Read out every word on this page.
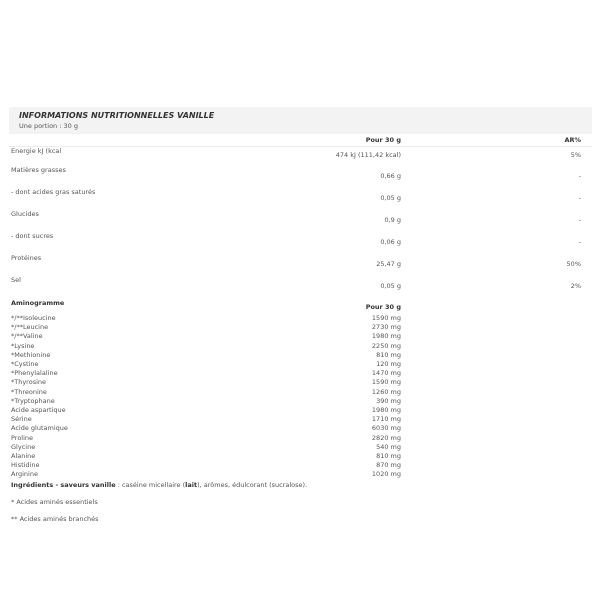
INFORMATIONS NUTRITIONNELLES VANILLE
Une portion : 30 g
	Pour 30 g	AR%
Energie kJ (kcal	474 kJ (111,42 kcal)	5%
Matières grasses	0,66 g	-
- dont acides gras saturés	0,05 g	-
Glucides	0,9 g	-
- dont sucres	0,06 g	-
Protéines	25,47 g	50%
Sel	0,05 g	2%
Aminogramme	Pour 30 g	
*/**Isoleucine	1590 mg	
*/**Leucine	2730 mg	
*/**Valine	1980 mg	
*Lysine	2250 mg	
*Methionine	810 mg	
*Cystine	120 mg	
*Phenylalaline	1470 mg	
*Thyrosine	1590 mg	
*Threonine	1260 mg	
*Tryptophane	390 mg	
Acide aspartique	1980 mg	
Sérine	1710 mg	
Acide glutamique	6030 mg	
Proline	2820 mg	
Glycine	540 mg	
Alanine	810 mg	
Histidine	870 mg	
Arginine	1020 mg	
Ingrédients - saveurs vanille : caséine micellaire (lait), arômes, édulcorant (sucralose).
* Acides aminés essentiels
** Acides aminés branchés
